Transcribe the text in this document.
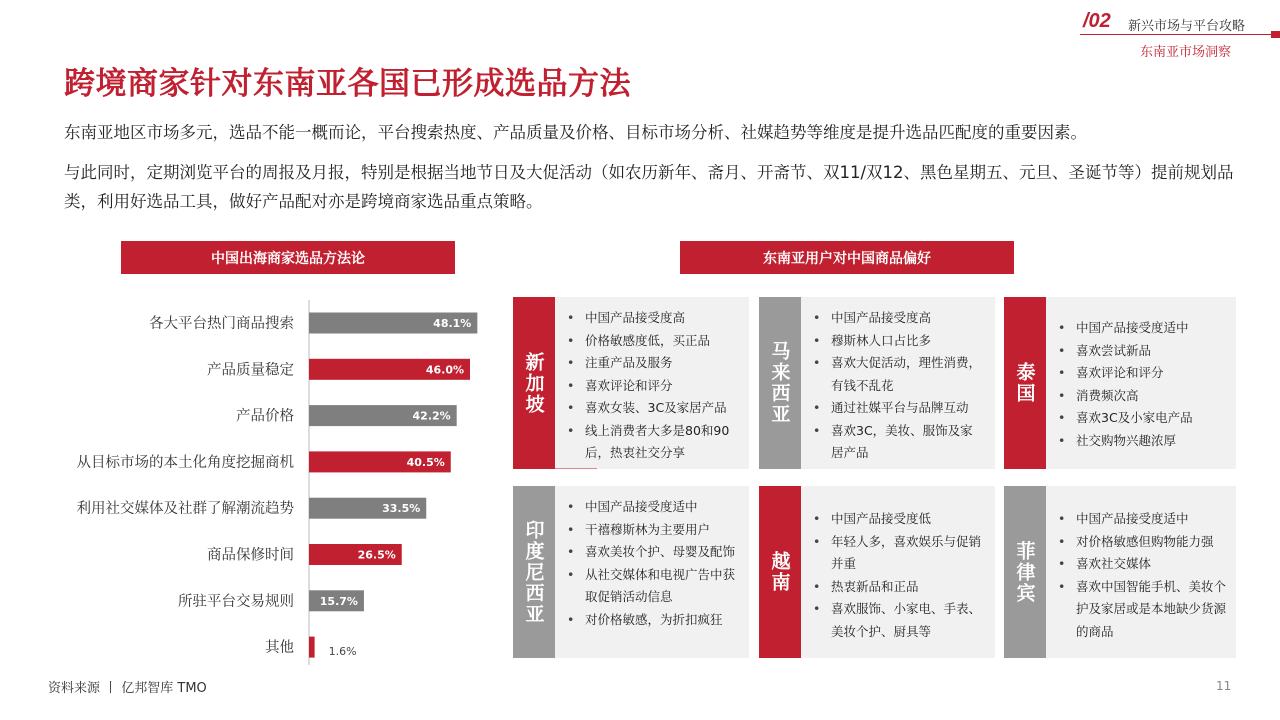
/02 新兴市场与平台攻略
东南亚市场洞察
跨境商家针对东南亚各国已形成选品方法
东南亚地区市场多元，选品不能一概而论，平台搜索热度、产品质量及价格、目标市场分析、社媒趋势等维度是提升选品匹配度的重要因素。
与此同时，定期浏览平台的周报及月报，特别是根据当地节日及大促活动（如农历新年、斋月、开斋节、双11/双12、黑色星期五、元旦、圣诞节等）提前规划品类，利用好选品工具，做好产品配对亦是跨境商家选品重点策略。
中国出海商家选品方法论	东南亚用户对中国商品偏好
各大平台热门商品搜索	48.1%
产品质量稳定	46.0%
产品价格	42.2%
从目标市场的本土化角度挖掘商机	40.5%
利用社交媒体及社群了解潮流趋势	33.5%
商品保修时间	26.5%
所驻平台交易规则 15.7%
其他	1.6%
新加坡
• 中国产品接受度高
• 价格敏感度低，买正品
• 注重产品及服务
• 喜欢评论和评分
• 喜欢女装、3C及家居产品
• 线上消费者大多是80和90后，热衷社交分享
马来西亚
• 中国产品接受度高
• 穆斯林人口占比多
• 喜欢大促活动，理性消费，有钱不乱花
• 通过社媒平台与品牌互动
• 喜欢3C，美妆、服饰及家居产品
泰国
• 中国产品接受度适中
• 喜欢尝试新品
• 喜欢评论和评分
• 消费频次高
• 喜欢3C及小家电产品
• 社交购物兴趣浓厚
印度尼西亚
• 中国产品接受度适中
• 干禧穆斯林为主要用户
• 喜欢美妆个护、母婴及配饰
• 从社交媒体和电视广告中获取促销活动信息
• 对价格敏感，为折扣疯狂
越南
• 中国产品接受度低
• 年轻人多，喜欢娱乐与促销并重
• 热衷新品和正品
• 喜欢服饰、小家电、手表、美妆个护、厨具等
菲律宾
• 中国产品接受度适中
• 对价格敏感但购物能力强
• 喜欢社交媒体
• 喜欢中国智能手机、美妆个护及家居或是本地缺少货源的商品
资料来源 丨 亿邦智库 TMO	11
